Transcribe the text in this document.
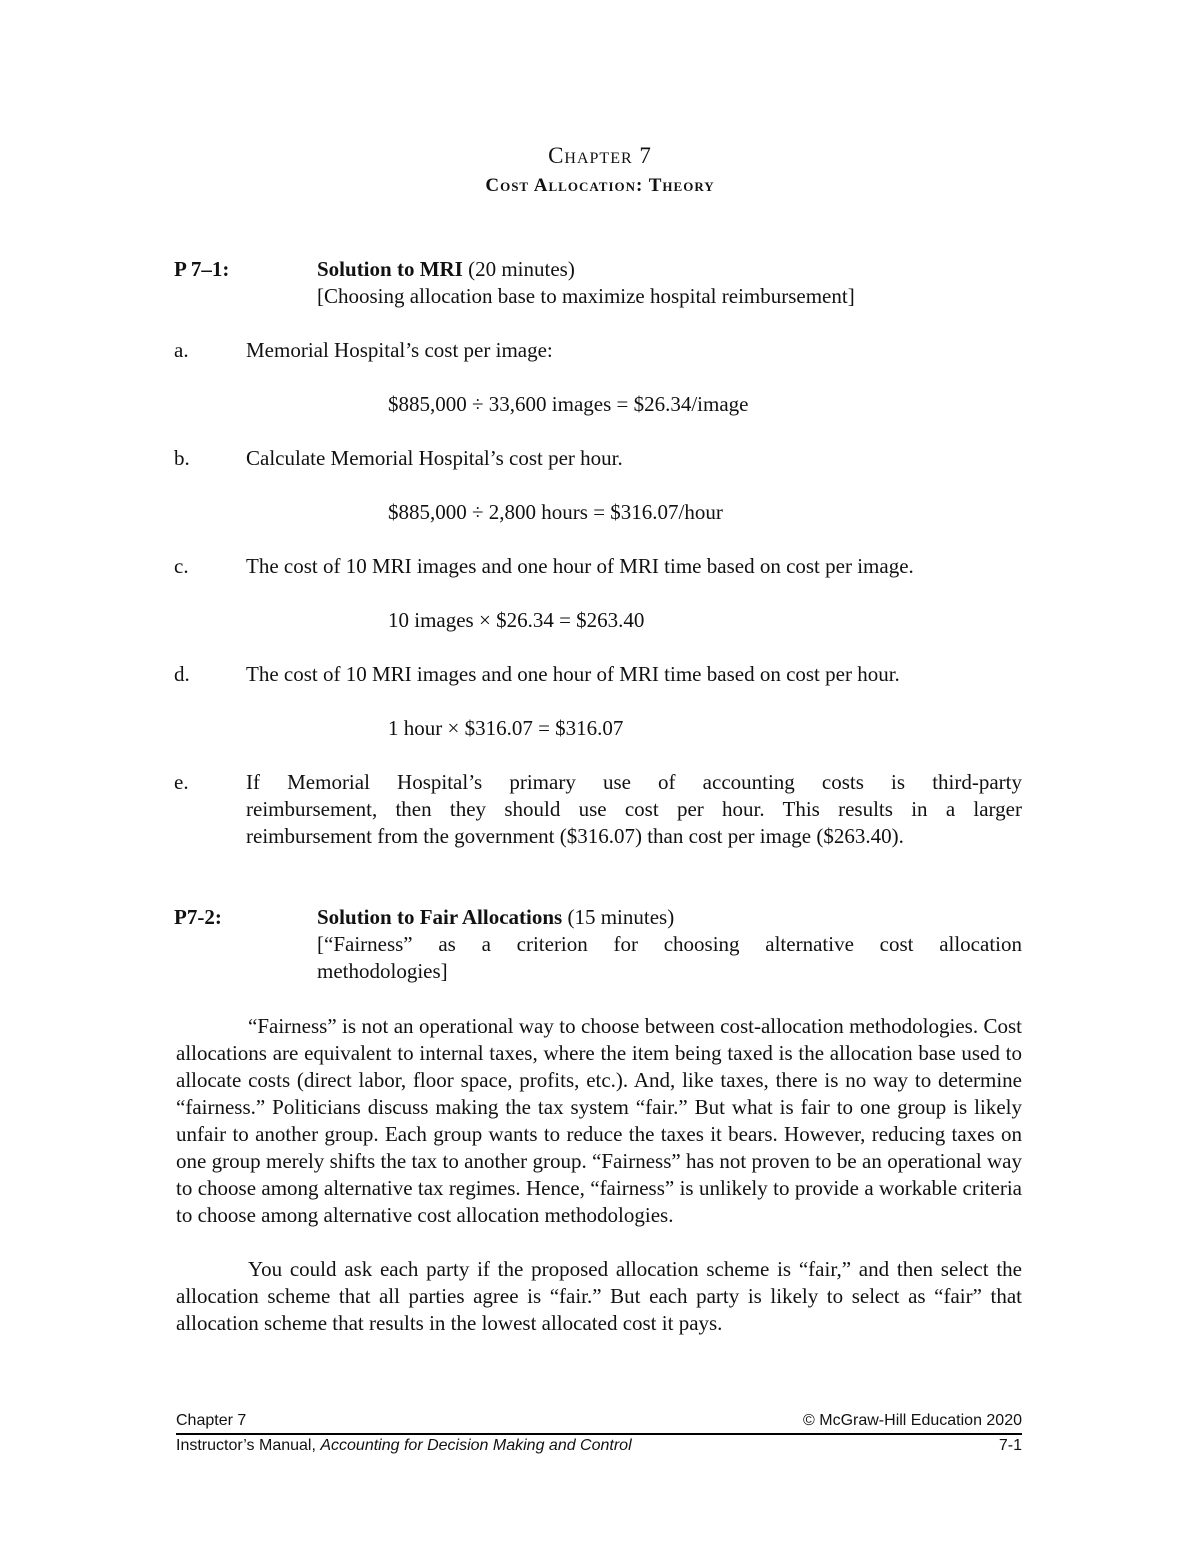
Chapter 7
Cost Allocation: Theory
P 7–1:	Solution to MRI (20 minutes)
[Choosing allocation base to maximize hospital reimbursement]
a.	Memorial Hospital’s cost per image:
$885,000 ÷ 33,600 images = $26.34/image
b.	Calculate Memorial Hospital’s cost per hour.
$885,000 ÷ 2,800 hours = $316.07/hour
c.	The cost of 10 MRI images and one hour of MRI time based on cost per image.
10 images × $26.34 = $263.40
d.	The cost of 10 MRI images and one hour of MRI time based on cost per hour.
1 hour × $316.07 = $316.07
e.	If Memorial Hospital’s primary use of accounting costs is third-party
reimbursement, then they should use cost per hour. This results in a larger
reimbursement from the government ($316.07) than cost per image ($263.40).
P7-2:	Solution to Fair Allocations (15 minutes)
[“Fairness” as a criterion for choosing alternative cost allocation
methodologies]

“Fairness” is not an operational way to choose between cost-allocation methodologies. Cost allocations are equivalent to internal taxes, where the item being taxed is the allocation base used to allocate costs (direct labor, floor space, profits, etc.). And, like taxes, there is no way to determine “fairness.” Politicians discuss making the tax system “fair.” But what is fair to one group is likely unfair to another group. Each group wants to reduce the taxes it bears. However, reducing taxes on one group merely shifts the tax to another group. “Fairness” has not proven to be an operational way to choose among alternative tax regimes. Hence, “fairness” is unlikely to provide a workable criteria to choose among alternative cost allocation methodologies.

You could ask each party if the proposed allocation scheme is “fair,” and then select the allocation scheme that all parties agree is “fair.” But each party is likely to select as “fair” that allocation scheme that results in the lowest allocated cost it pays.

Chapter 7	© McGraw-Hill Education 2020
Instructor’s Manual, Accounting for Decision Making and Control	7-1
